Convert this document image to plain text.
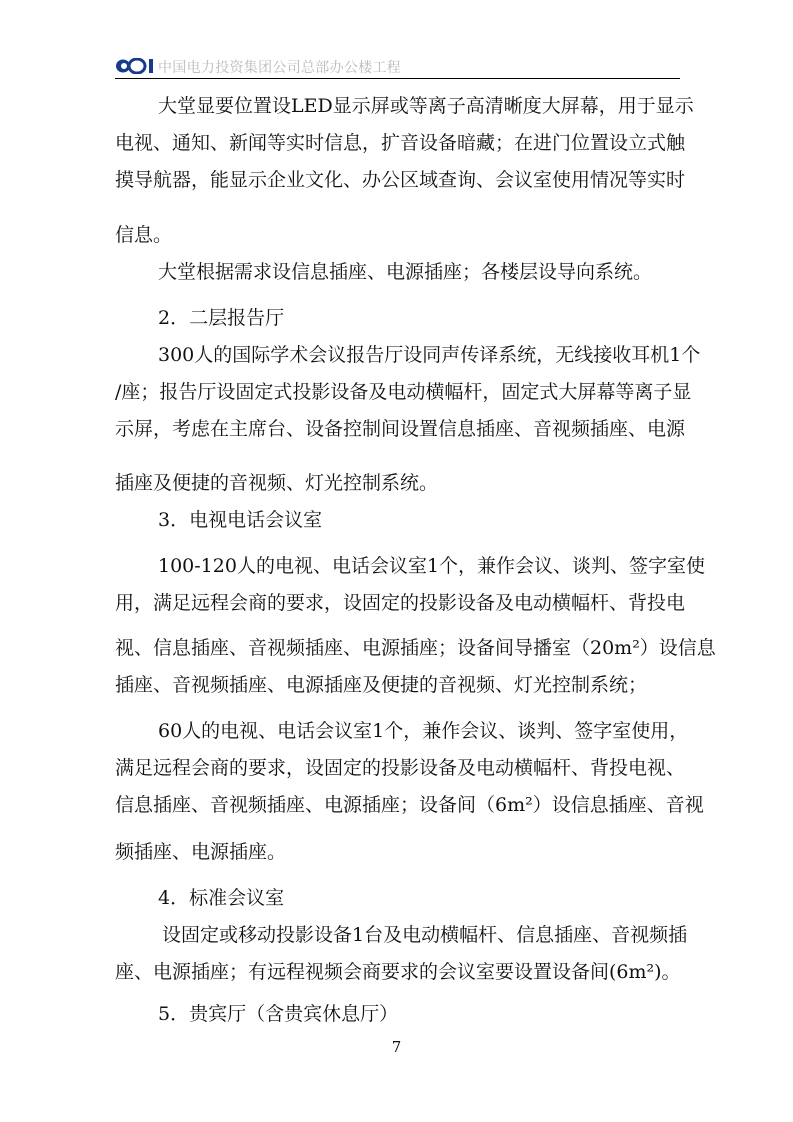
中国电力投资集团公司总部办公楼工程
大堂显要位置设LED显示屏或等离子高清晰度大屏幕，用于显示
电视、通知、新闻等实时信息，扩音设备暗藏；在进门位置设立式触
摸导航器，能显示企业文化、办公区域查询、会议室使用情况等实时
信息。
大堂根据需求设信息插座、电源插座；各楼层设导向系统。
2．二层报告厅
300人的国际学术会议报告厅设同声传译系统，无线接收耳机1个
/座；报告厅设固定式投影设备及电动横幅杆，固定式大屏幕等离子显
示屏，考虑在主席台、设备控制间设置信息插座、音视频插座、电源
插座及便捷的音视频、灯光控制系统。
3．电视电话会议室
100-120人的电视、电话会议室1个，兼作会议、谈判、签字室使
用，满足远程会商的要求，设固定的投影设备及电动横幅杆、背投电
视、信息插座、音视频插座、电源插座；设备间导播室（20m²）设信息
插座、音视频插座、电源插座及便捷的音视频、灯光控制系统；
60人的电视、电话会议室1个，兼作会议、谈判、签字室使用，
满足远程会商的要求，设固定的投影设备及电动横幅杆、背投电视、
信息插座、音视频插座、电源插座；设备间（6m²）设信息插座、音视
频插座、电源插座。
4．标准会议室
设固定或移动投影设备1台及电动横幅杆、信息插座、音视频插
座、电源插座；有远程视频会商要求的会议室要设置设备间(6m²)。
5．贵宾厅（含贵宾休息厅）
7
